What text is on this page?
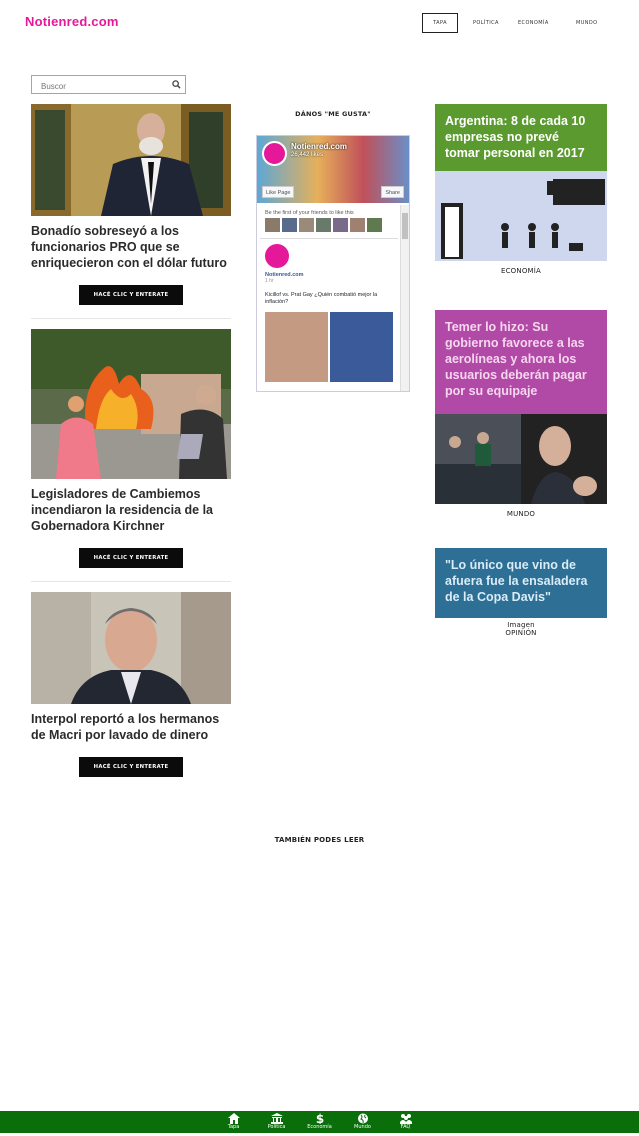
Notienred.com	TAPA	POLÍTICA	ECONOMÍA	MUNDO
Buscor
Bonadío sobreseyó a los funcionarios PRO que se enriquecieron con el dólar futuro
HACÉ CLIC Y ENTERATE
Legisladores de Cambiemos incendiaron la residencia de la Gobernadora Kirchner
HACÉ CLIC Y ENTERATE
Interpol reportó a los hermanos de Macri por lavado de dinero
HACÉ CLIC Y ENTERATE
DÁNOS "ME GUSTA"
Notienred.com
26,442 likes
Like Page	Share
Be the first of your friends to like this
Notienred.com
1 hr
Kicillof vs. Prat Gay ¿Quién combatió mejor la inflación?
Argentina: 8 de cada 10 empresas no prevé tomar personal en 2017
ECONOMÍA
Temer lo hizo: Su gobierno favorece a las aerolíneas y ahora los usuarios deberán pagar por su equipaje
MUNDO
"Lo único que vino de afuera fue la ensaladera de la Copa Davis"
Imagen
OPINIÓN
TAMBIÉN PODES LEER
Tapa	Política
$
Economía	Mundo	FAQ
